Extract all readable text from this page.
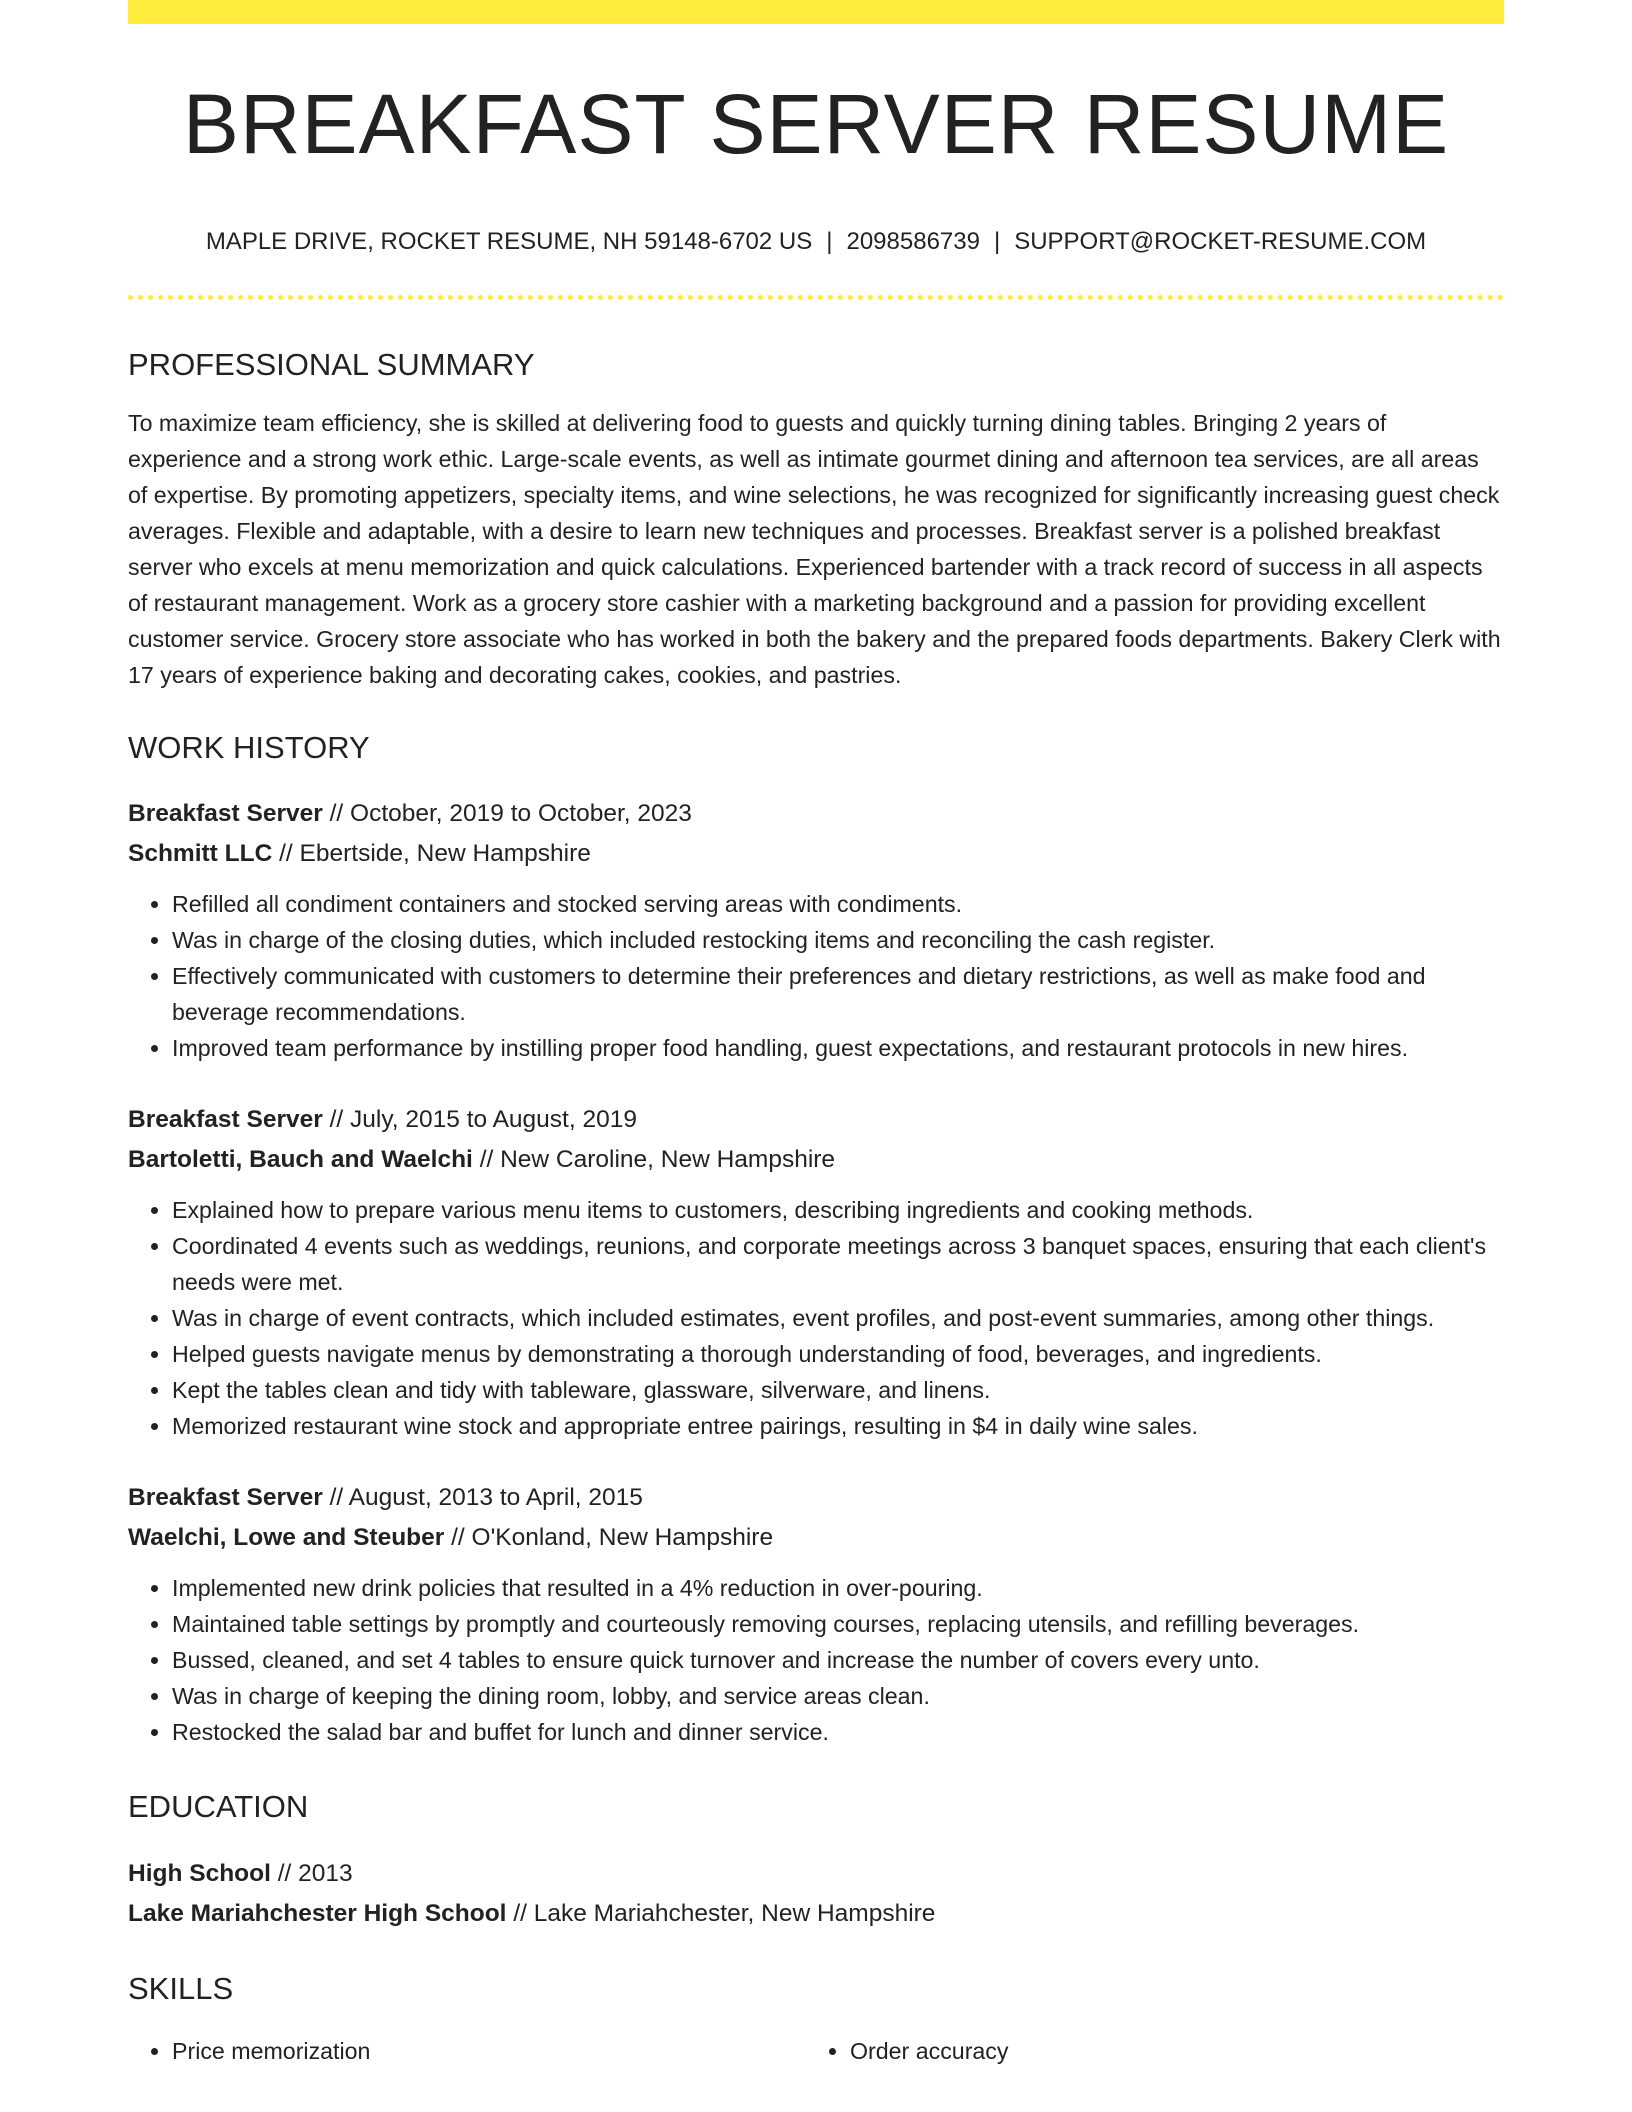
BREAKFAST SERVER RESUME
MAPLE DRIVE, ROCKET RESUME, NH 59148-6702 US | 2098586739 | SUPPORT@ROCKET-RESUME.COM
PROFESSIONAL SUMMARY

To maximize team efficiency, she is skilled at delivering food to guests and quickly turning dining tables. Bringing 2 years of experience and a strong work ethic. Large-scale events, as well as intimate gourmet dining and afternoon tea services, are all areas of expertise. By promoting appetizers, specialty items, and wine selections, he was recognized for significantly increasing guest check averages. Flexible and adaptable, with a desire to learn new techniques and processes. Breakfast server is a polished breakfast server who excels at menu memorization and quick calculations. Experienced bartender with a track record of success in all aspects of restaurant management. Work as a grocery store cashier with a marketing background and a passion for providing excellent customer service. Grocery store associate who has worked in both the bakery and the prepared foods departments. Bakery Clerk with 17 years of experience baking and decorating cakes, cookies, and pastries.

WORK HISTORY
Breakfast Server // October, 2019 to October, 2023
Schmitt LLC // Ebertside, New Hampshire
• Refilled all condiment containers and stocked serving areas with condiments.
• Was in charge of the closing duties, which included restocking items and reconciling the cash register.
• Effectively communicated with customers to determine their preferences and dietary restrictions, as well as make food and beverage recommendations.
• Improved team performance by instilling proper food handling, guest expectations, and restaurant protocols in new hires.
Breakfast Server // July, 2015 to August, 2019
Bartoletti, Bauch and Waelchi // New Caroline, New Hampshire
• Explained how to prepare various menu items to customers, describing ingredients and cooking methods.
• Coordinated 4 events such as weddings, reunions, and corporate meetings across 3 banquet spaces, ensuring that each client's needs were met.
• Was in charge of event contracts, which included estimates, event profiles, and post-event summaries, among other things.
• Helped guests navigate menus by demonstrating a thorough understanding of food, beverages, and ingredients.
• Kept the tables clean and tidy with tableware, glassware, silverware, and linens.
• Memorized restaurant wine stock and appropriate entree pairings, resulting in $4 in daily wine sales.
Breakfast Server // August, 2013 to April, 2015
Waelchi, Lowe and Steuber // O'Konland, New Hampshire
• Implemented new drink policies that resulted in a 4% reduction in over-pouring.
• Maintained table settings by promptly and courteously removing courses, replacing utensils, and refilling beverages.
• Bussed, cleaned, and set 4 tables to ensure quick turnover and increase the number of covers every unto.
• Was in charge of keeping the dining room, lobby, and service areas clean.
• Restocked the salad bar and buffet for lunch and dinner service.
EDUCATION
High School // 2013
Lake Mariahchester High School // Lake Mariahchester, New Hampshire
SKILLS
• Price memorization
•	Order accuracy
